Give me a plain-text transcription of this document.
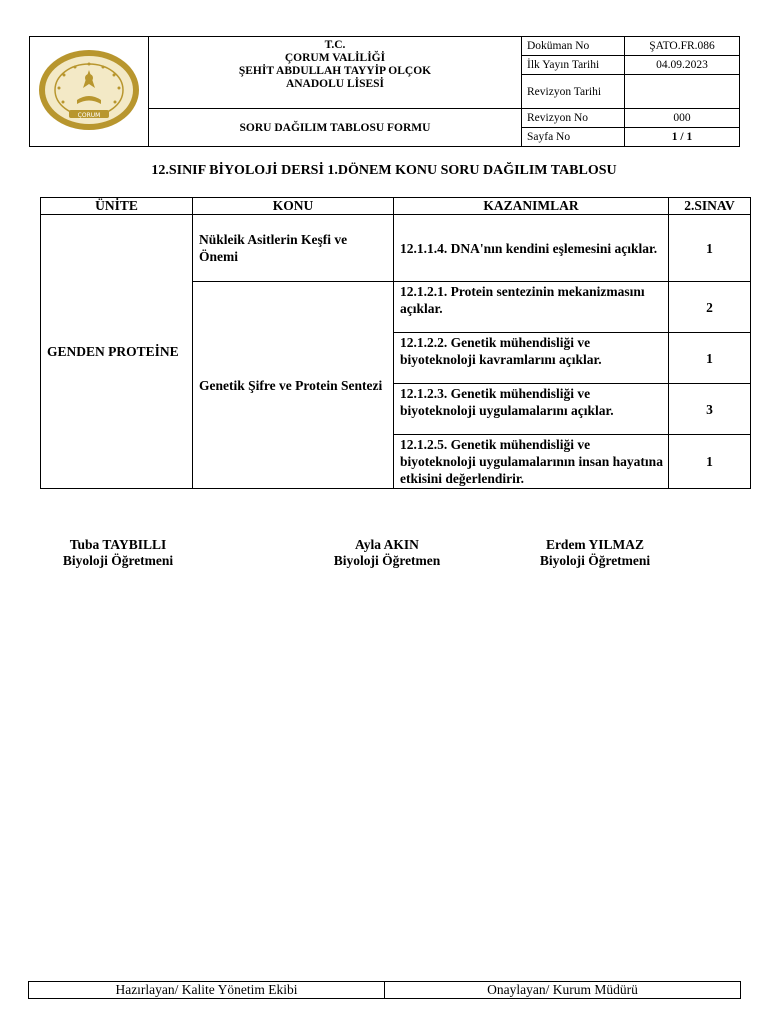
ÇORUM	T.C.
ÇORUM VALİLİĞİ
ŞEHİT ABDULLAH TAYYİP OLÇOK
ANADOLU LİSESİ	Doküman No	ŞATO.FR.086
		İlk Yayın Tarihi	04.09.2023
		Revizyon Tarihi	
	SORU DAĞILIM TABLOSU FORMU	Revizyon No	000
		Sayfa No	1 / 1
12.SINIF BİYOLOJİ DERSİ 1.DÖNEM KONU SORU DAĞILIM TABLOSU
ÜNİTE	KONU	KAZANIMLAR	2.SINAV
GENDEN PROTEİNE	Nükleik Asitlerin Keşfi ve Önemi	12.1.1.4. DNA'nın kendini eşlemesini açıklar.	1
	Genetik Şifre ve Protein Sentezi	12.1.2.1. Protein sentezinin mekanizmasını açıklar.	2
		12.1.2.2. Genetik mühendisliği ve biyoteknoloji kavramlarını açıklar.	1
		12.1.2.3. Genetik mühendisliği ve biyoteknoloji uygulamalarını açıklar.	3
		12.1.2.5. Genetik mühendisliği ve biyoteknoloji uygulamalarının insan hayatına etkisini değerlendirir.	1
Tuba TAYBILLI
Biyoloji Öğretmeni
Ayla AKIN
Biyoloji Öğretmen
Erdem YILMAZ
Biyoloji Öğretmeni
Hazırlayan/ Kalite Yönetim Ekibi	Onaylayan/ Kurum Müdürü
